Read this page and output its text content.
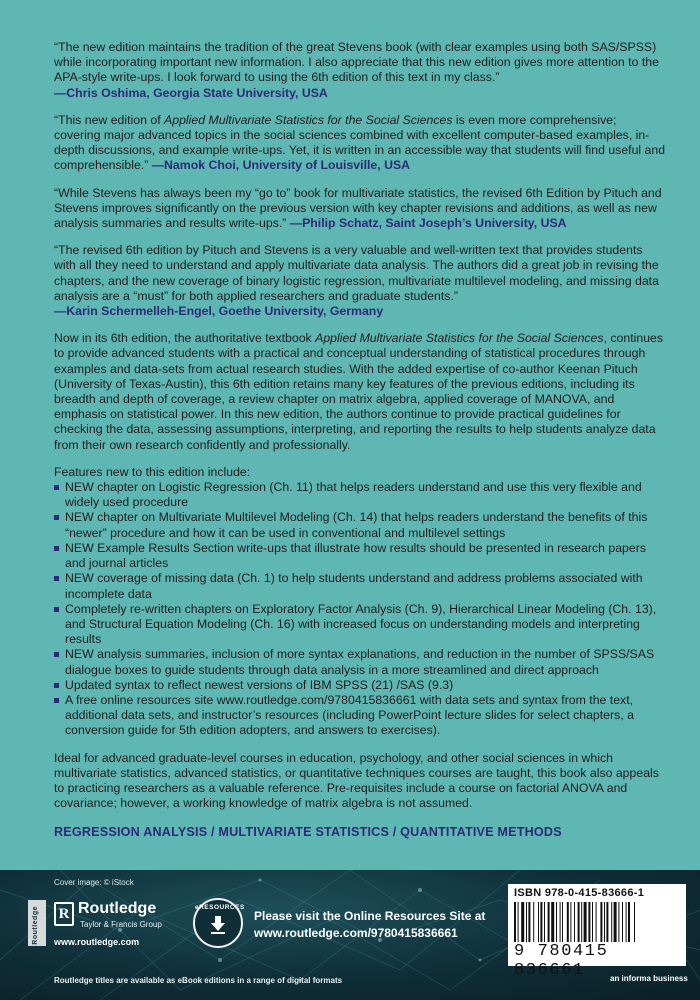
“The new edition maintains the tradition of the great Stevens book (with clear examples using both SAS/SPSS) while incorporating important new information. I also appreciate that this new edition gives more attention to the APA-style write-ups. I look forward to using the 6th edition of this text in my class.”
—Chris Oshima, Georgia State University, USA

“This new edition of Applied Multivariate Statistics for the Social Sciences is even more comprehensive; covering major advanced topics in the social sciences combined with excellent computer-based examples, in-depth discussions, and example write-ups. Yet, it is written in an accessible way that students will find useful and comprehensible.” —Namok Choi, University of Louisville, USA

“While Stevens has always been my “go to” book for multivariate statistics, the revised 6th Edition by Pituch and Stevens improves significantly on the previous version with key chapter revisions and additions, as well as new analysis summaries and results write-ups.” —Philip Schatz, Saint Joseph’s University, USA

“The revised 6th edition by Pituch and Stevens is a very valuable and well-written text that provides students with all they need to understand and apply multivariate data analysis. The authors did a great job in revising the chapters, and the new coverage of binary logistic regression, multivariate multilevel modeling, and missing data analysis are a “must” for both applied researchers and graduate students.”
—Karin Schermelleh-Engel, Goethe University, Germany

Now in its 6th edition, the authoritative textbook Applied Multivariate Statistics for the Social Sciences, continues to provide advanced students with a practical and conceptual understanding of statistical procedures through examples and data-sets from actual research studies. With the added expertise of co-author Keenan Pituch (University of Texas-Austin), this 6th edition retains many key features of the previous editions, including its breadth and depth of coverage, a review chapter on matrix algebra, applied coverage of MANOVA, and emphasis on statistical power. In this new edition, the authors continue to provide practical guidelines for checking the data, assessing assumptions, interpreting, and reporting the results to help students analyze data from their own research confidently and professionally.

Features new to this edition include:

NEW chapter on Logistic Regression (Ch. 11) that helps readers understand and use this very flexible and widely used procedure
NEW chapter on Multivariate Multilevel Modeling (Ch. 14) that helps readers understand the benefits of this “newer” procedure and how it can be used in conventional and multilevel settings
NEW Example Results Section write-ups that illustrate how results should be presented in research papers and journal articles
NEW coverage of missing data (Ch. 1) to help students understand and address problems associated with incomplete data
Completely re-written chapters on Exploratory Factor Analysis (Ch. 9), Hierarchical Linear Modeling (Ch. 13), and Structural Equation Modeling (Ch. 16) with increased focus on understanding models and interpreting results
NEW analysis summaries, inclusion of more syntax explanations, and reduction in the number of SPSS/SAS dialogue boxes to guide students through data analysis in a more streamlined and direct approach
Updated syntax to reflect newest versions of IBM SPSS (21) /SAS (9.3)
A free online resources site www.routledge.com/9780415836661 with data sets and syntax from the text, additional data sets, and instructor’s resources (including PowerPoint lecture slides for select chapters, a conversion guide for 5th edition adopters, and answers to exercises).

Ideal for advanced graduate-level courses in education, psychology, and other social sciences in which multivariate statistics, advanced statistics, or quantitative techniques courses are taught, this book also appeals to practicing researchers as a valuable reference. Pre-requisites include a course on factorial ANOVA and covariance; however, a working knowledge of matrix algebra is not assumed.

REGRESSION ANALYSIS / MULTIVARIATE STATISTICS / QUANTITATIVE METHODS
Cover image: © iStock
Routledge	R Routledge
Taylor & Francis Group
www.routledge.com
eRESOURCES
Please visit the Online Resources Site at
www.routledge.com/9780415836661
ISBN 978-0-415-83666-1
9 780415 836661	an informa business
Routledge titles are available as eBook editions in a range of digital formats
